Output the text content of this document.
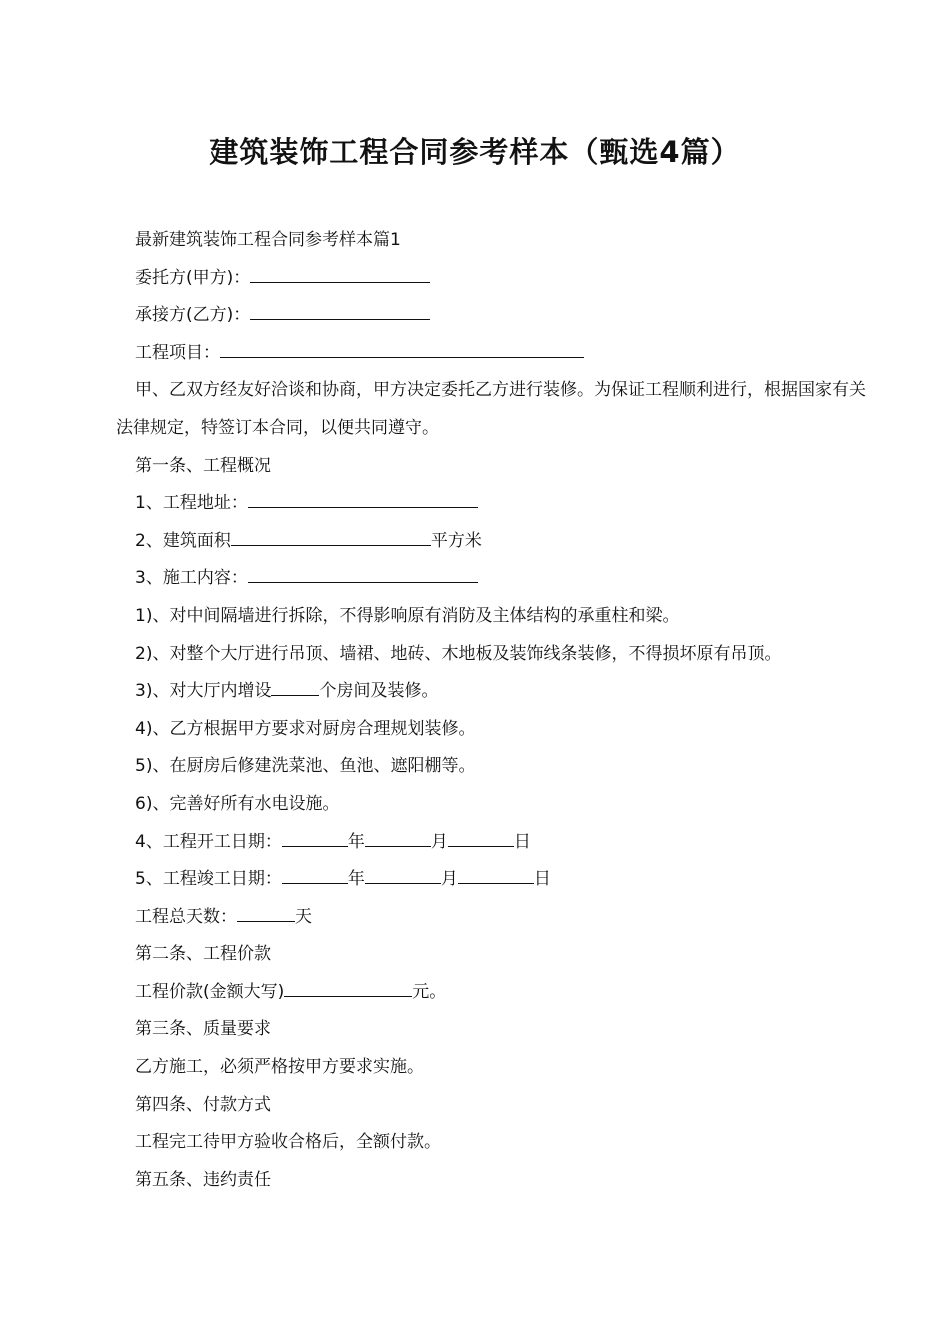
建筑装饰工程合同参考样本（甄选4篇）

最新建筑装饰工程合同参考样本篇1

委托方(甲方)：

承接方(乙方)：

工程项目：

甲、乙双方经友好洽谈和协商，甲方决定委托乙方进行装修。为保证工程顺利进行，根据国家有关法律规定，特签订本合同，以便共同遵守。

第一条、工程概况

1、工程地址：

2、建筑面积	平方米

3、施工内容：

1)、对中间隔墙进行拆除，不得影响原有消防及主体结构的承重柱和梁。

2)、对整个大厅进行吊顶、墙裙、地砖、木地板及装饰线条装修，不得损坏原有吊顶。

3)、对大厅内增设	个房间及装修。

4)、乙方根据甲方要求对厨房合理规划装修。

5)、在厨房后修建洗菜池、鱼池、遮阳棚等。

6)、完善好所有水电设施。

4、工程开工日期：	年	月	日

5、工程竣工日期：	年	月	日

工程总天数：	天

第二条、工程价款

工程价款(金额大写)	元。

第三条、质量要求

乙方施工，必须严格按甲方要求实施。

第四条、付款方式

工程完工待甲方验收合格后，全额付款。

第五条、违约责任
